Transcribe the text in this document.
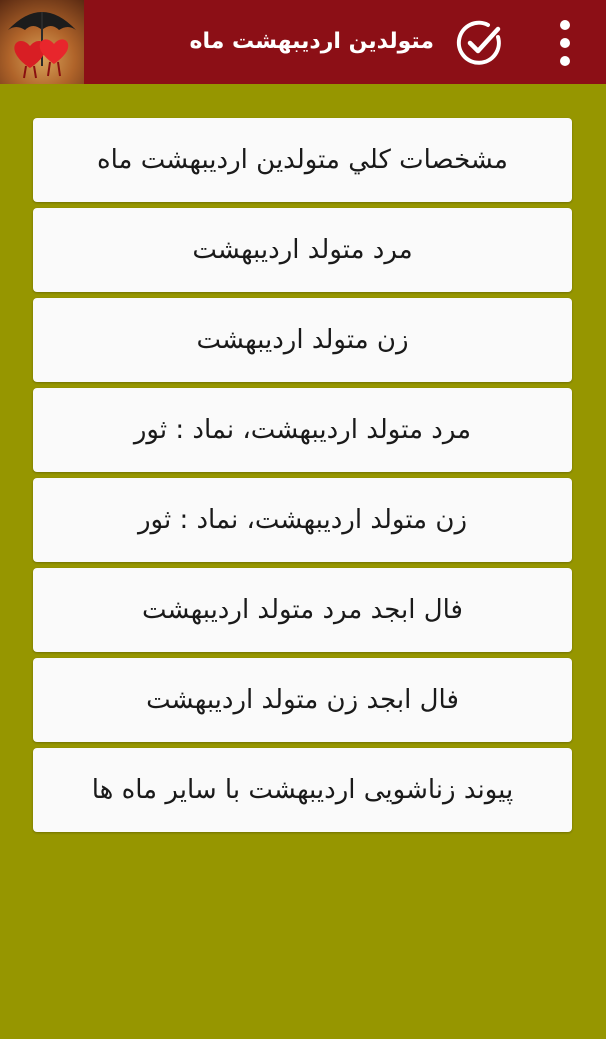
متولدین اردیبهشت ماه
مشخصات کلي متولدين ارديبهشت ماه
مرد متولد اردیبهشت
زن متولد اردیبهشت
مرد متولد اردیبهشت، نماد : ثور
زن متولد اردیبهشت، نماد : ثور
فال ابجد مرد متولد اردیبهشت
فال ابجد زن متولد اردیبهشت
پیوند زناشویی اردیبهشت با سایر ماه ها
